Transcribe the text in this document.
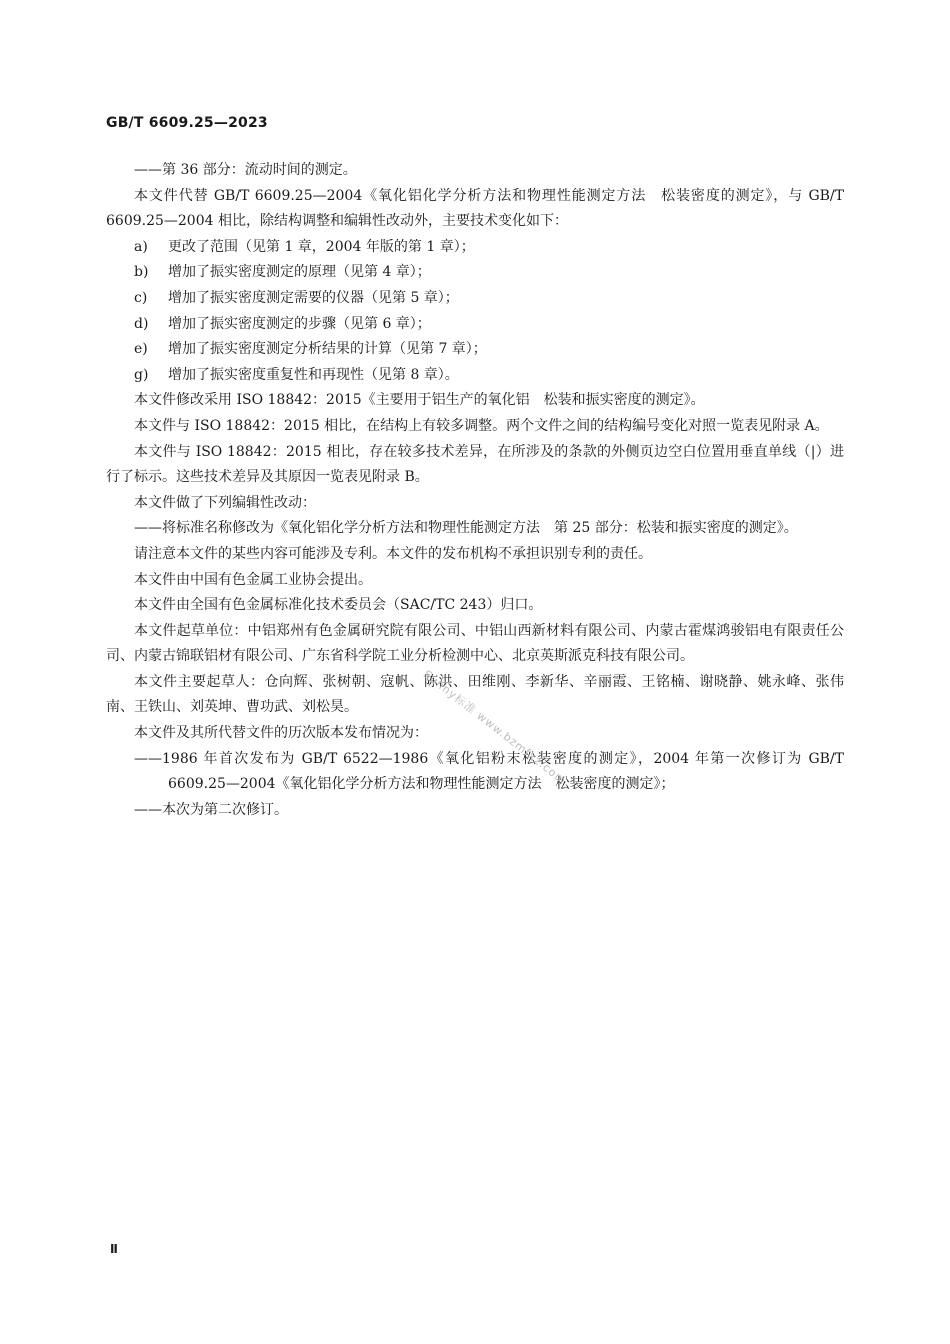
GB/T 6609.25—2023

——第 36 部分：流动时间的测定。

本文件代替 GB/T 6609.25—2004《氧化铝化学分析方法和物理性能测定方法　松装密度的测定》，与 GB/T 6609.25—2004 相比，除结构调整和编辑性改动外，主要技术变化如下：

a)	更改了范围（见第 1 章，2004 年版的第 1 章）；

b)	增加了振实密度测定的原理（见第 4 章）；

c)	增加了振实密度测定需要的仪器（见第 5 章）；

d)	增加了振实密度测定的步骤（见第 6 章）；

e)	增加了振实密度测定分析结果的计算（见第 7 章）；

g)	增加了振实密度重复性和再现性（见第 8 章）。

本文件修改采用 ISO 18842：2015《主要用于铝生产的氧化铝　松装和振实密度的测定》。

本文件与 ISO 18842：2015 相比，在结构上有较多调整。两个文件之间的结构编号变化对照一览表见附录 A。

本文件与 ISO 18842：2015 相比，存在较多技术差异，在所涉及的条款的外侧页边空白位置用垂直单线（|）进行了标示。这些技术差异及其原因一览表见附录 B。

本文件做了下列编辑性改动：

——将标准名称修改为《氧化铝化学分析方法和物理性能测定方法　第 25 部分：松装和振实密度的测定》。

请注意本文件的某些内容可能涉及专利。本文件的发布机构不承担识别专利的责任。

本文件由中国有色金属工业协会提出。

本文件由全国有色金属标准化技术委员会（SAC/TC 243）归口。

本文件起草单位：中铝郑州有色金属研究院有限公司、中铝山西新材料有限公司、内蒙古霍煤鸿骏铝电有限责任公司、内蒙古锦联铝材有限公司、广东省科学院工业分析检测中心、北京英斯派克科技有限公司。

本文件主要起草人：仓向辉、张树朝、寇帆、陈洪、田维刚、李新华、辛丽霞、王铭楠、谢晓静、姚永峰、张伟南、王铁山、刘英坤、曹功武、刘松昊。

本文件及其所代替文件的历次版本发布情况为：

——1986 年首次发布为 GB/T 6522—1986《氧化铝粉末松装密度的测定》，2004 年第一次修订为 GB/T 6609.25—2004《氧化铝化学分析方法和物理性能测定方法　松装密度的测定》；

——本次为第二次修订。

Sunny标准 www.bzmfxz.com
Ⅱ
